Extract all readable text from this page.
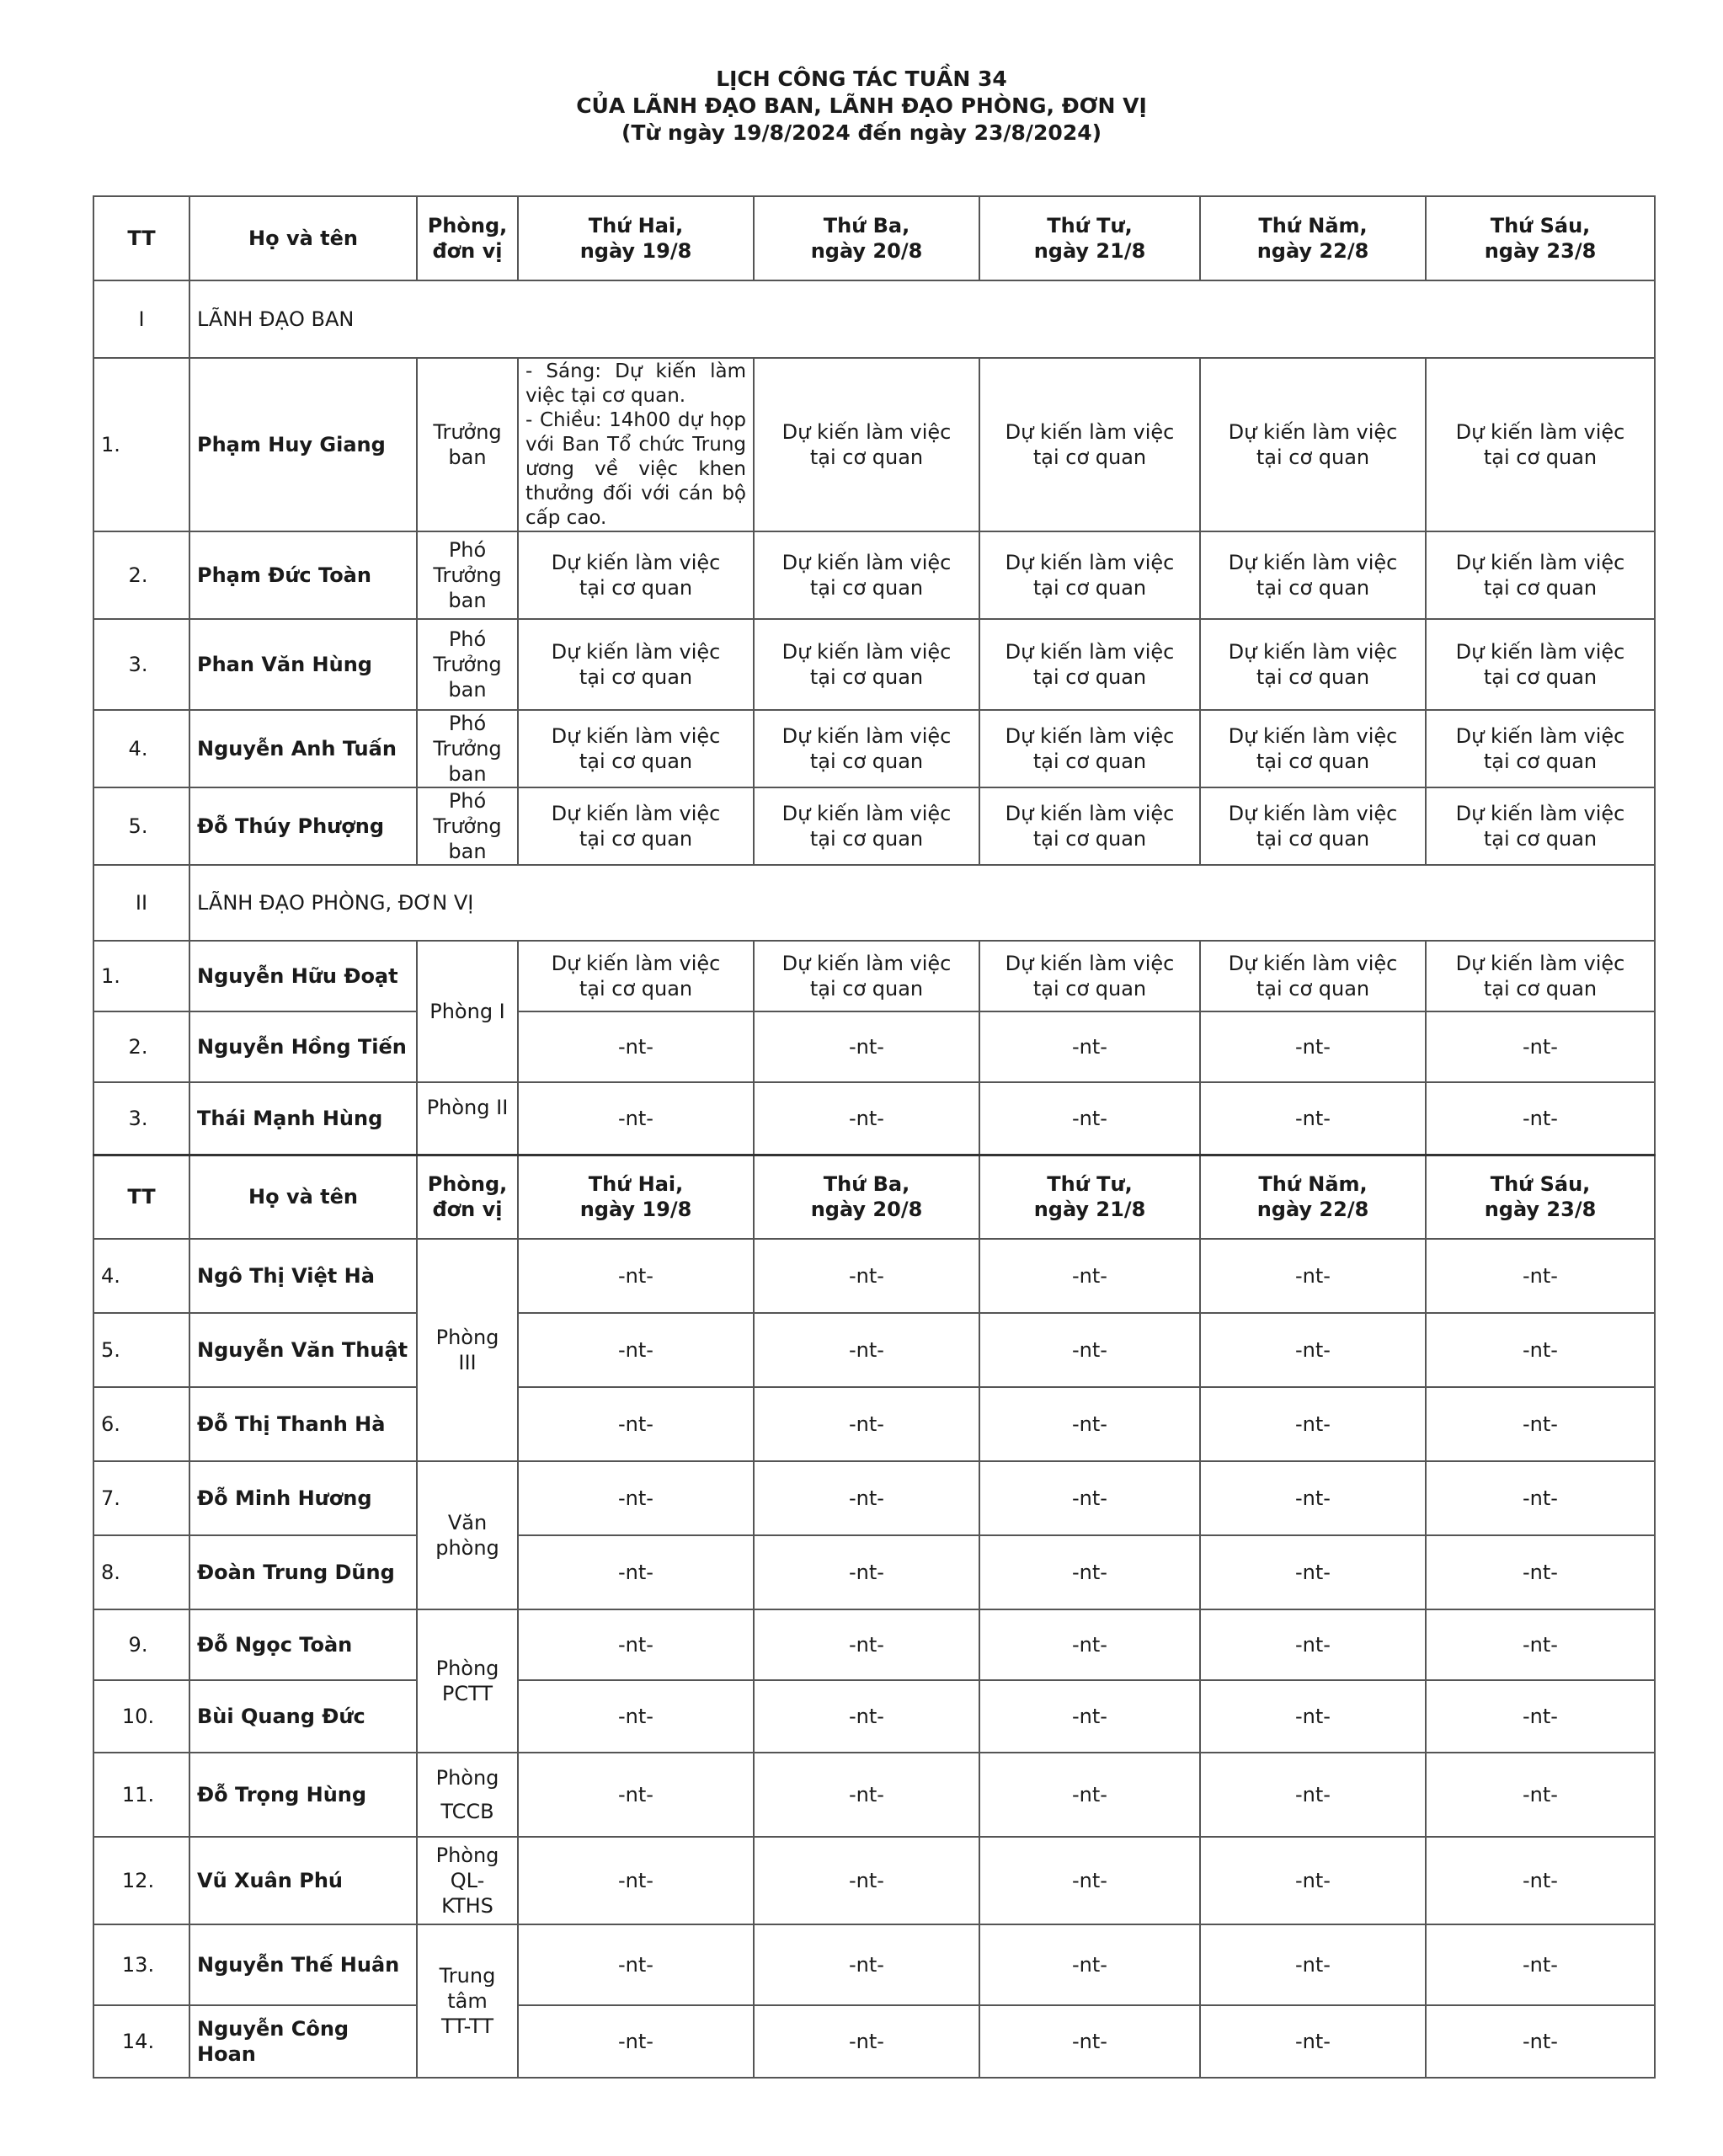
LỊCH CÔNG TÁC TUẦN 34
CỦA LÃNH ĐẠO BAN, LÃNH ĐẠO PHÒNG, ĐƠN VỊ
(Từ ngày 19/8/2024 đến ngày 23/8/2024)
TT	Họ và tên	Phòng,
đơn vị	Thứ Hai,
ngày 19/8	Thứ Ba,
ngày 20/8	Thứ Tư,
ngày 21/8	Thứ Năm,
ngày 22/8	Thứ Sáu,
ngày 23/8
I	LÃNH ĐẠO BAN						
1.	Phạm Huy Giang	Trưởng
ban	- Sáng: Dự kiến làm việc tại cơ quan.
- Chiều: 14h00 dự họp với Ban Tổ chức Trung ương về việc khen thưởng đối với cán bộ cấp cao.	Dự kiến làm việc
tại cơ quan	Dự kiến làm việc
tại cơ quan	Dự kiến làm việc
tại cơ quan	Dự kiến làm việc
tại cơ quan
2.	Phạm Đức Toàn	Phó
Trưởng
ban	Dự kiến làm việc
tại cơ quan	Dự kiến làm việc
tại cơ quan	Dự kiến làm việc
tại cơ quan	Dự kiến làm việc
tại cơ quan	Dự kiến làm việc
tại cơ quan
3.	Phan Văn Hùng	Phó
Trưởng
ban	Dự kiến làm việc
tại cơ quan	Dự kiến làm việc
tại cơ quan	Dự kiến làm việc
tại cơ quan	Dự kiến làm việc
tại cơ quan	Dự kiến làm việc
tại cơ quan
4.	Nguyễn Anh Tuấn	Phó
Trưởng
ban	Dự kiến làm việc
tại cơ quan	Dự kiến làm việc
tại cơ quan	Dự kiến làm việc
tại cơ quan	Dự kiến làm việc
tại cơ quan	Dự kiến làm việc
tại cơ quan
5.	Đỗ Thúy Phượng	Phó
Trưởng
ban	Dự kiến làm việc
tại cơ quan	Dự kiến làm việc
tại cơ quan	Dự kiến làm việc
tại cơ quan	Dự kiến làm việc
tại cơ quan	Dự kiến làm việc
tại cơ quan
II	LÃNH ĐẠO PHÒNG, ĐƠN VỊ						
1.	Nguyễn Hữu Đoạt	Phòng I	Dự kiến làm việc
tại cơ quan	Dự kiến làm việc
tại cơ quan	Dự kiến làm việc
tại cơ quan	Dự kiến làm việc
tại cơ quan	Dự kiến làm việc
tại cơ quan
2.	Nguyễn Hồng Tiến		-nt-	-nt-	-nt-	-nt-	-nt-
3.	Thái Mạnh Hùng	Phòng II	-nt-	-nt-	-nt-	-nt-	-nt-
TT	Họ và tên	Phòng,
đơn vị	Thứ Hai,
ngày 19/8	Thứ Ba,
ngày 20/8	Thứ Tư,
ngày 21/8	Thứ Năm,
ngày 22/8	Thứ Sáu,
ngày 23/8
4.	Ngô Thị Việt Hà	Phòng III	-nt-	-nt-	-nt-	-nt-	-nt-
5.	Nguyễn Văn Thuật		-nt-	-nt-	-nt-	-nt-	-nt-
6.	Đỗ Thị Thanh Hà		-nt-	-nt-	-nt-	-nt-	-nt-
7.	Đỗ Minh Hương	Văn
phòng	-nt-	-nt-	-nt-	-nt-	-nt-
8.	Đoàn Trung Dũng		-nt-	-nt-	-nt-	-nt-	-nt-
9.	Đỗ Ngọc Toàn	Phòng
PCTT	-nt-	-nt-	-nt-	-nt-	-nt-
10.	Bùi Quang Đức		-nt-	-nt-	-nt-	-nt-	-nt-
11.	Đỗ Trọng Hùng	Phòng
TCCB	-nt-	-nt-	-nt-	-nt-	-nt-
12.	Vũ Xuân Phú	Phòng
QL-
KTHS	-nt-	-nt-	-nt-	-nt-	-nt-
13.	Nguyễn Thế Huân	Trung
tâm
TT-TT	-nt-	-nt-	-nt-	-nt-	-nt-
14.	Nguyễn Công Hoan		-nt-	-nt-	-nt-	-nt-	-nt-
